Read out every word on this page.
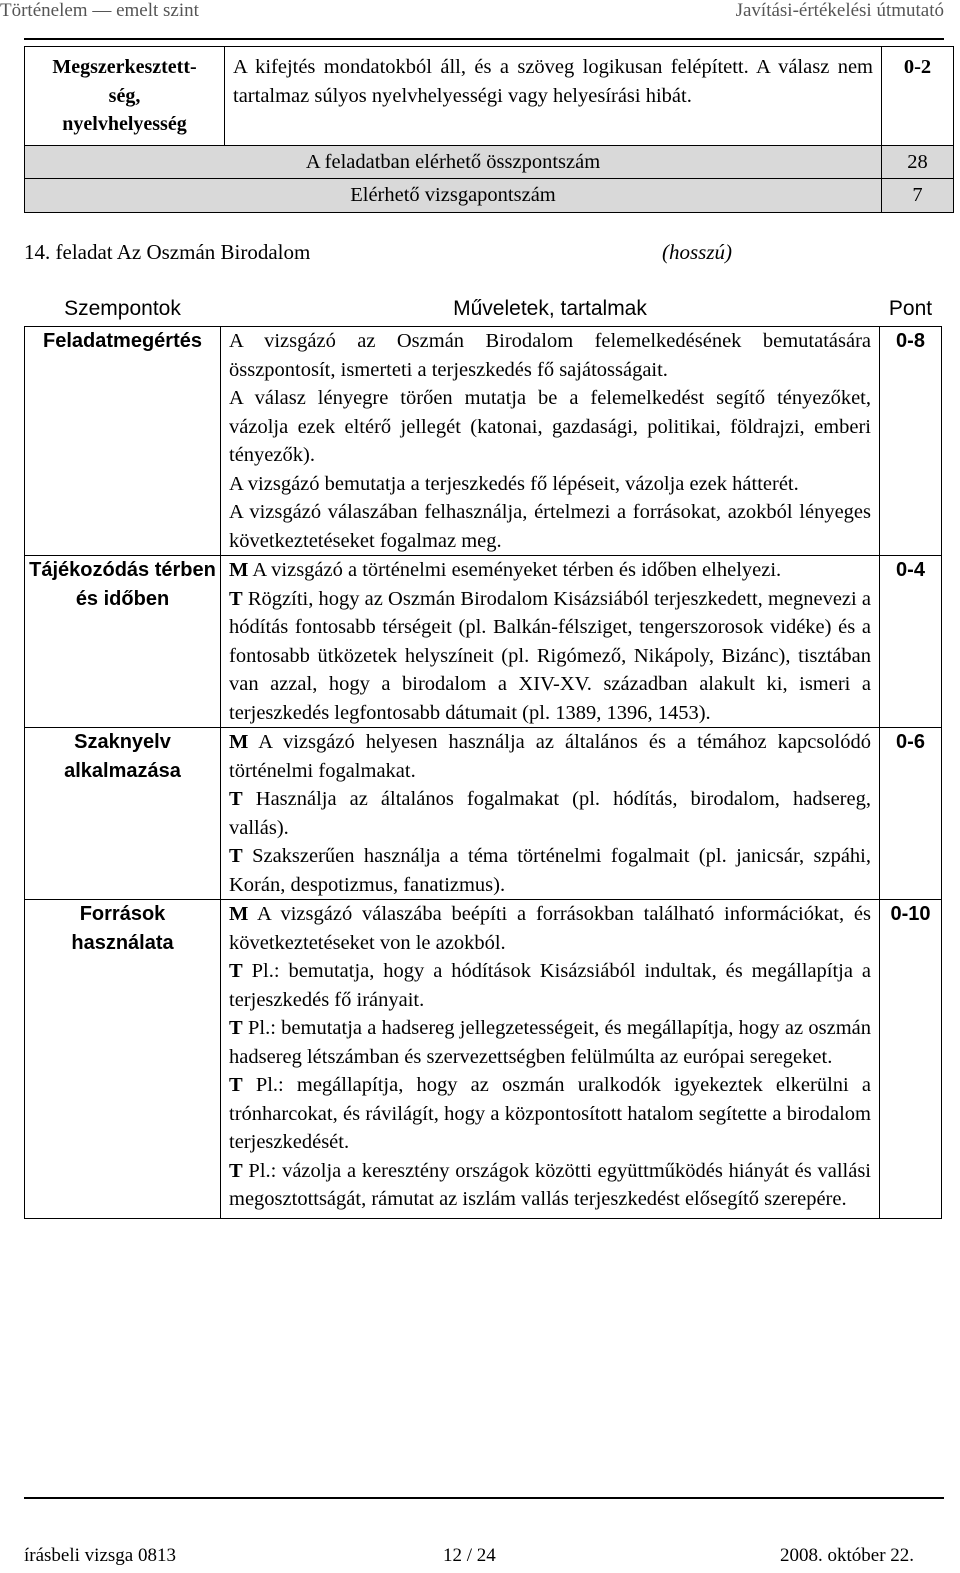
Történelem — emelt szint	Javítási-értékelési útmutató
Megszerkesztett-
ség,
nyelvhelyesség	A kifejtés mondatokból áll, és a szöveg logikusan felépített. A válasz nem tartalmaz súlyos nyelvhelyességi vagy helyesírási hibát.	0-2
A feladatban elérhető összpontszám		28
Elérhető vizsgapontszám		7
14. feladat Az Oszmán Birodalom	(hosszú)
Szempontok	Műveletek, tartalmak	Pont
Feladatmegértés	A vizsgázó az Oszmán Birodalom felemelkedésének bemutatására összpontosít, ismerteti a terjeszkedés fő sajátosságait.

A válasz lényegre törően mutatja be a felemelkedést segítő tényezőket, vázolja ezek eltérő jellegét (katonai, gazdasági, politikai, földrajzi, emberi tényezők).

A vizsgázó bemutatja a terjeszkedés fő lépéseit, vázolja ezek hátterét.

A vizsgázó válaszában felhasználja, értelmezi a forrásokat, azokból lényeges következtetéseket fogalmaz meg.	0-8
Tájékozódás térben és időben	M A vizsgázó a történelmi eseményeket térben és időben elhelyezi.

T Rögzíti, hogy az Oszmán Birodalom Kisázsiából terjeszkedett, megnevezi a hódítás fontosabb térségeit (pl. Balkán-félsziget, tengerszorosok vidéke) és a fontosabb ütközetek helyszíneit (pl. Rigómező, Nikápoly, Bizánc), tisztában van azzal, hogy a birodalom a XIV-XV. században alakult ki, ismeri a terjeszkedés legfontosabb dátumait (pl. 1389, 1396, 1453).	0-4
Szaknyelv alkalmazása	M A vizsgázó helyesen használja az általános és a témához kapcsolódó történelmi fogalmakat.

T Használja az általános fogalmakat (pl. hódítás, birodalom, hadsereg, vallás).

T Szakszerűen használja a téma történelmi fogalmait (pl. janicsár, szpáhi, Korán, despotizmus, fanatizmus).	0-6
Források használata	M A vizsgázó válaszába beépíti a forrásokban található információkat, és következtetéseket von le azokból.

T Pl.: bemutatja, hogy a hódítások Kisázsiából indultak, és megállapítja a terjeszkedés fő irányait.

T Pl.: bemutatja a hadsereg jellegzetességeit, és megállapítja, hogy az oszmán hadsereg létszámban és szervezettségben felülmúlta az európai seregeket.

T Pl.: megállapítja, hogy az oszmán uralkodók igyekeztek elkerülni a trónharcokat, és rávilágít, hogy a központosított hatalom segítette a birodalom terjeszkedését.

T Pl.: vázolja a keresztény országok közötti együttműködés hiányát és vallási megosztottságát, rámutat az iszlám vallás terjeszkedést elősegítő szerepére.	0-10
írásbeli vizsga 0813	12 / 24	2008. október 22.
